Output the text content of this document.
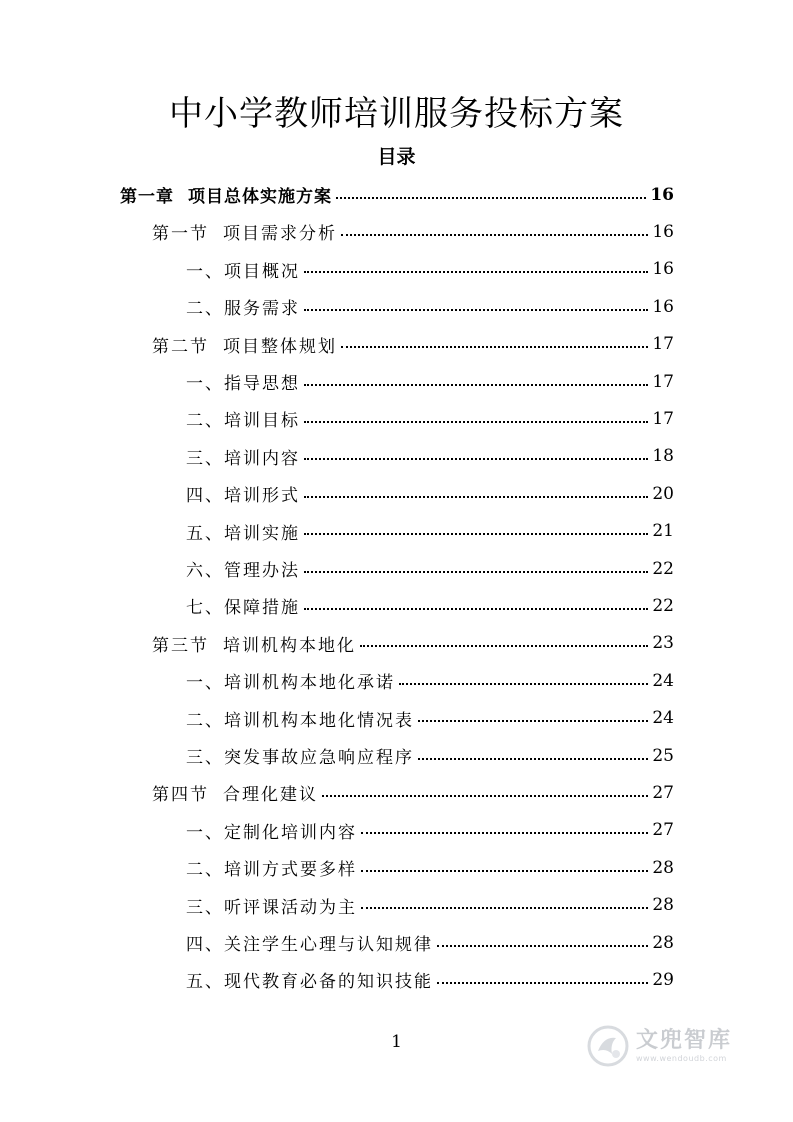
中小学教师培训服务投标方案
目录
第一章 项目总体实施方案	16
第一节 项目需求分析	16
一、项目概况	16
二、服务需求	16
第二节 项目整体规划	17
一、指导思想	17
二、培训目标	17
三、培训内容	18
四、培训形式	20
五、培训实施	21
六、管理办法	22
七、保障措施	22
第三节 培训机构本地化	23
一、培训机构本地化承诺	24
二、培训机构本地化情况表	24
三、突发事故应急响应程序	25
第四节 合理化建议	27
一、定制化培训内容	27
二、培训方式要多样	28
三、听评课活动为主	28
四、关注学生心理与认知规律	28
五、现代教育必备的知识技能	29
1	文兜智库
www.wendoudb.com
